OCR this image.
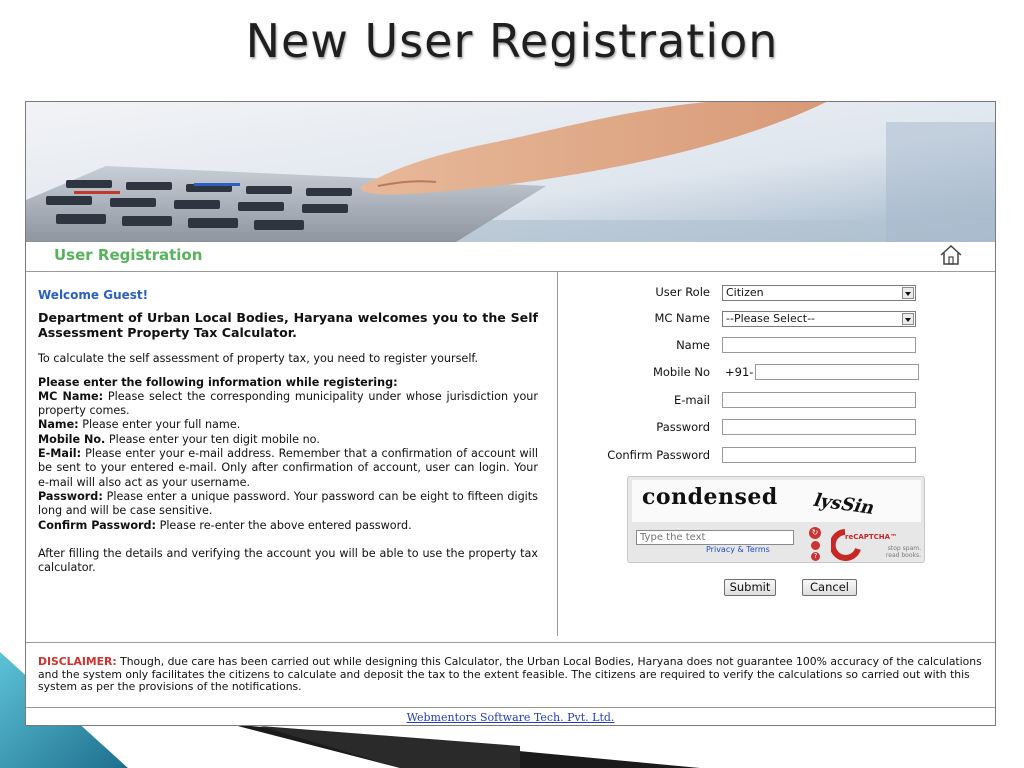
New User Registration
User Registration
Welcome Guest!
Department of Urban Local Bodies, Haryana welcomes you to the Self Assessment Property Tax Calculator.
To calculate the self assessment of property tax, you need to register yourself.
Please enter the following information while registering:
MC Name: Please select the corresponding municipality under whose jurisdiction your property comes.
Name: Please enter your full name.
Mobile No. Please enter your ten digit mobile no.
E-Mail: Please enter your e-mail address. Remember that a confirmation of account will be sent to your entered e-mail. Only after confirmation of account, user can login. Your e-mail will also act as your username.
Password: Please enter a unique password. Your password can be eight to fifteen digits long and will be case sensitive.
Confirm Password: Please re-enter the above entered password.
After filling the details and verifying the account you will be able to use the property tax calculator.
User Role	Citizen
MC Name	--Please Select--
Name
Mobile No +91-
E-mail
Password
Confirm Password
condensed lysSin
Type the text
Privacy & Terms
↻
?
reCAPTCHA™
stop spam.
read books.
Submit	Cancel
DISCLAIMER: Though, due care has been carried out while designing this Calculator, the Urban Local Bodies, Haryana does not guarantee 100% accuracy of the calculations and the system only facilitates the citizens to calculate and deposit the tax to the extent feasible. The citizens are required to verify the calculations so carried out with this system as per the provisions of the notifications.
Webmentors Software Tech. Pvt. Ltd.
